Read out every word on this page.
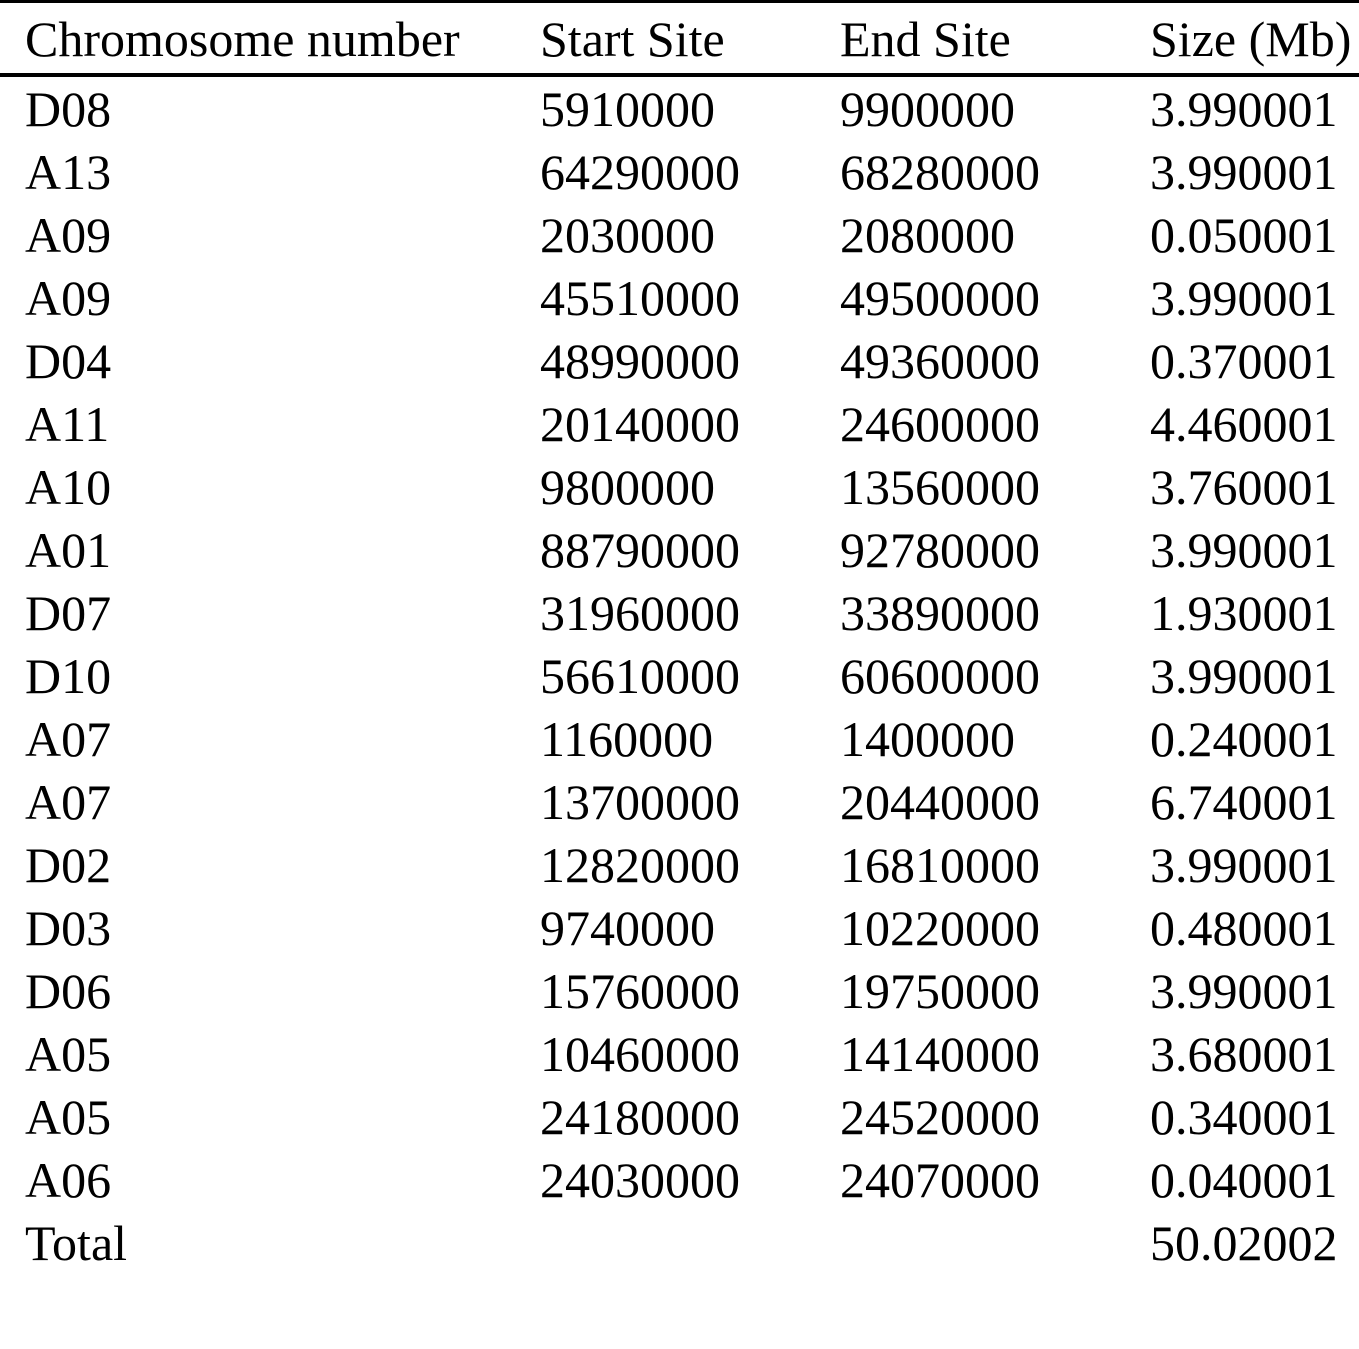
Chromosome number	Start Site	End Site	Size (Mb)
D08	5910000	9900000	3.990001
A13	64290000	68280000	3.990001
A09	2030000	2080000	0.050001
A09	45510000	49500000	3.990001
D04	48990000	49360000	0.370001
A11	20140000	24600000	4.460001
A10	9800000	13560000	3.760001
A01	88790000	92780000	3.990001
D07	31960000	33890000	1.930001
D10	56610000	60600000	3.990001
A07	1160000	1400000	0.240001
A07	13700000	20440000	6.740001
D02	12820000	16810000	3.990001
D03	9740000	10220000	0.480001
D06	15760000	19750000	3.990001
A05	10460000	14140000	3.680001
A05	24180000	24520000	0.340001
A06	24030000	24070000	0.040001
Total			50.02002
